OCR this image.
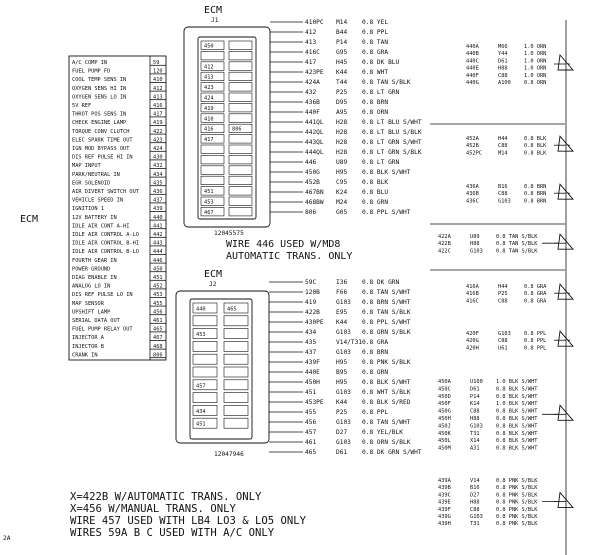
ECM
J1
J2
ECM
12045575
12047946
WIRE 446 USED W/MD8
AUTOMATIC TRANS. ONLY
ECM
2A
X=422B W/AUTOMATIC TRANS. ONLY
X=456 W/MANUAL TRANS. ONLY
WIRE 457 USED WITH LB4 LO3 & LO5 ONLY
WIRES 59A B C USED WITH A/C ONLY
A/C COMP IN	59
FUEL PUMP FD	120
COOL TEMP SENS IN	410
OXYGEN SENS HI IN	412
OXYGEN SENS LO IN	413
5V REF	416
THROT POS SENS IN	417
CHECK ENGINE LAMP	419
TORQUE CONV CLUTCH	422
ELEC SPARK TIME OUT	423
IGN MOD BYPASS OUT	424
DIS REF PULSE HI IN	430
MAP INPUT	432
PARK/NEUTRAL IN	434
EGR SOLENOID	435
AIR DIVERT SWITCH OUT	436
VEHICLE SPEED IN	437
IGNITION 1	439
12V BATTERY IN	440
IDLE AIR CONT A-HI	441
IDLE AIR CONTROL A-LO	442
IDLE AIR CONTROL B-HI	443
IDLE AIR CONTROL B-LO	444
FOURTH GEAR IN	446
POWER GROUND	450
DIAG ENABLE IN	451
ANALOG LO IN	452
DIS REF PULSE LO IN	453
MAP SENSOR	455
UPSHIFT LAMP	456
SERIAL DATA OUT	461
FUEL PUMP RELAY OUT	465
INJECTOR A	467
INJECTOR B	468
CRANK IN	806
450
412
413
423
424
419
410
416	806
417
451
453
467
440	465
453
457
434
451
410PC M14 0.8 YEL
412	B44 0.8 PPL
413	P14 0.8 TAN
416C	G95 0.8 GRA
417	H45 0.8 DK BLU
423PE K44 0.8 WHT
424A	T44 0.8 TAN S/BLK
432	P25 0.8 LT GRN
436B	D95 0.8 BRN
440F	A95 0.8 ORN
441QL H28 0.8 LT BLU S/WHT
442QL H28 0.8 LT BLU S/BLK
443QL H28 0.8 LT GRN S/WHT
444QL H28 0.8 LT GRN S/BLK
446	U89 0.8 LT GRN
450G	H95 0.8 BLK S/WHT
452B	C95 0.8 BLK
467BN K24 0.8 BLU
468BW M24 0.8 GRN
806	G05 0.8 PPL S/WHT
59C	I36 0.8 DK GRN
120B	F66 0.8 TAN S/WHT
419	G103 0.8 BRN S/WHT
422B	E95 0.8 TAN S/BLK
430PE K44 0.8 PPL S/WHT
434	G103 0.8 ORN S/BLK
435	V14/T31 0.8 GRA
437	G103 0.8 BRN
439F	H95 0.8 PNK S/BLK
440E	B95 0.8 ORN
450H	H95 0.8 BLK S/WHT
451	G103 0.8 WHT S/BLK
453PE K44 0.8 BLK S/RED
455	P25 0.8 PPL
456	G103 0.8 TAN S/WHT
457	D27 0.8 YEL/BLK
461	G103 0.8 ORN S/BLK
465	D61 0.8 DK GRN S/WHT
440A	M66	1.0 ORN
440B	Y44	1.0 ORN
440C	D61	1.0 ORN
440E	H88	1.0 ORN
440F	C88	1.0 ORN
440G	A100 0.8 ORN
452A	H44	0.8 BLK
452B	C88	0.8 BLK
452PC	M14	0.8 BLK
436A	B16	0.8 BRN
436B	C88	0.8 BRN
436C	G103 0.8 BRN
422A	U89	0.8 TAN S/BLK
422B	H88	0.8 TAN S/BLK
422C	G103 0.8 TAN S/BLK
416A	H44	0.8 GRA
416B	P25	0.8 GRA
416C	C88	0.8 GRA
420F	G103 0.8 PPL
420G	C88	0.8 PPL
420H	U61	0.8 PPL
450A	U100 1.0 BLK S/WHT
450C	D61	0.8 BLK S/WHT
450D	P14	0.8 BLK S/WHT
450F	K14	1.0 BLK S/WHT
450G	C88	0.8 BLK S/WHT
450H	H88	0.8 BLK S/WHT
450J	G103 0.8 BLK S/WHT
450K	T31	0.8 BLK S/WHT
450L	X14	0.8 BLK S/WHT
450M	A31	0.8 BLK S/WHT
439A	V14	0.8 PNK S/BLK
439B	B16	0.8 PNK S/BLK
439C	D27	0.8 PNK S/BLK
439E	H88	0.8 PNK S/BLK
439F	C88	0.8 PNK S/BLK
439G	G103 0.8 PNK S/BLK
439H	T31	0.8 PNK S/BLK
